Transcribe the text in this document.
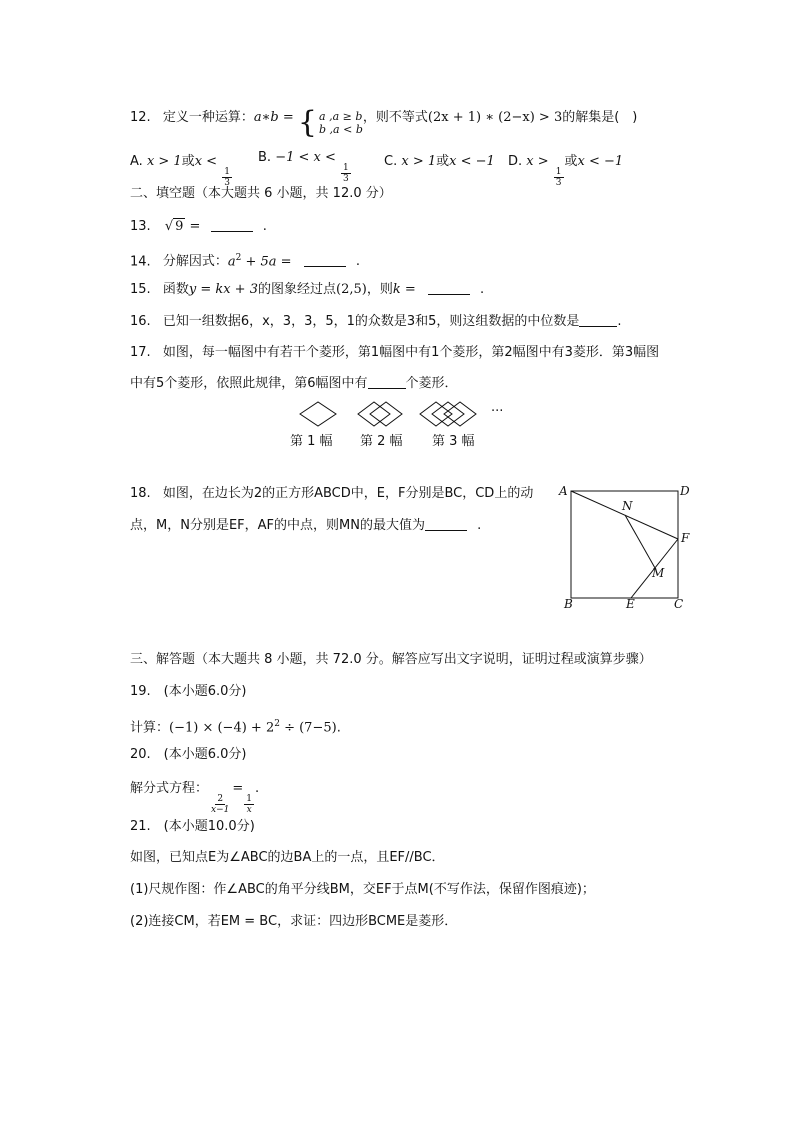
12. 定义一种运算：a∗b = { a ,a ≥ b
b ,a < b
，则不等式(2x + 1) ∗ (2−x) > 3的解集是(　)
A. x > 1或x <
$\frac{1}{3}$
B. −1 < x <
$\frac{1}{3}$
C. x > 1或x < −1 D. x >
$\frac{1}{3}$
或x < −1
二、填空题（本大题共 6 小题，共 12.0 分）
13. √ 9 =	.
14. 分解因式：$a^2 + 5a$ =	.
15. 函数y = kx + 3的图象经过点(2,5)，则k =	.
16. 已知一组数据6，x，3，3，5，1的众数是3和5，则这组数据的中位数是	.
17. 如图，每一幅图中有若干个菱形，第1幅图中有1个菱形，第2幅图中有3菱形．第3幅图
中有5个菱形，依照此规律，第6幅图中有	个菱形．
···
第 1 幅 第 2 幅 第 3 幅
18. 如图，在边长为2的正方形ABCD中，E，F分别是BC，CD上的动
点，M，N分别是EF，AF的中点，则MN的最大值为	.
A	D
N
F
M
B	E	C
三、解答题（本大题共 8 小题，共 72.0 分。解答应写出文字说明，证明过程或演算步骤）
19.　(本小题6.0分)
计算：$(-1) \times (-4) + 2^2 \div (7-5)$.
20.　(本小题6.0分)
解分式方程：
$\frac{2}{x-1}$
=
$\frac{1}{x}$
.
21.　(本小题10.0分)
如图，已知点E为∠ABC的边BA上的一点，且EF//BC．
(1)尺规作图：作∠ABC的角平分线BM，交EF于点M(不写作法，保留作图痕迹)；
(2)连接CM，若EM = BC，求证：四边形BCME是菱形．
